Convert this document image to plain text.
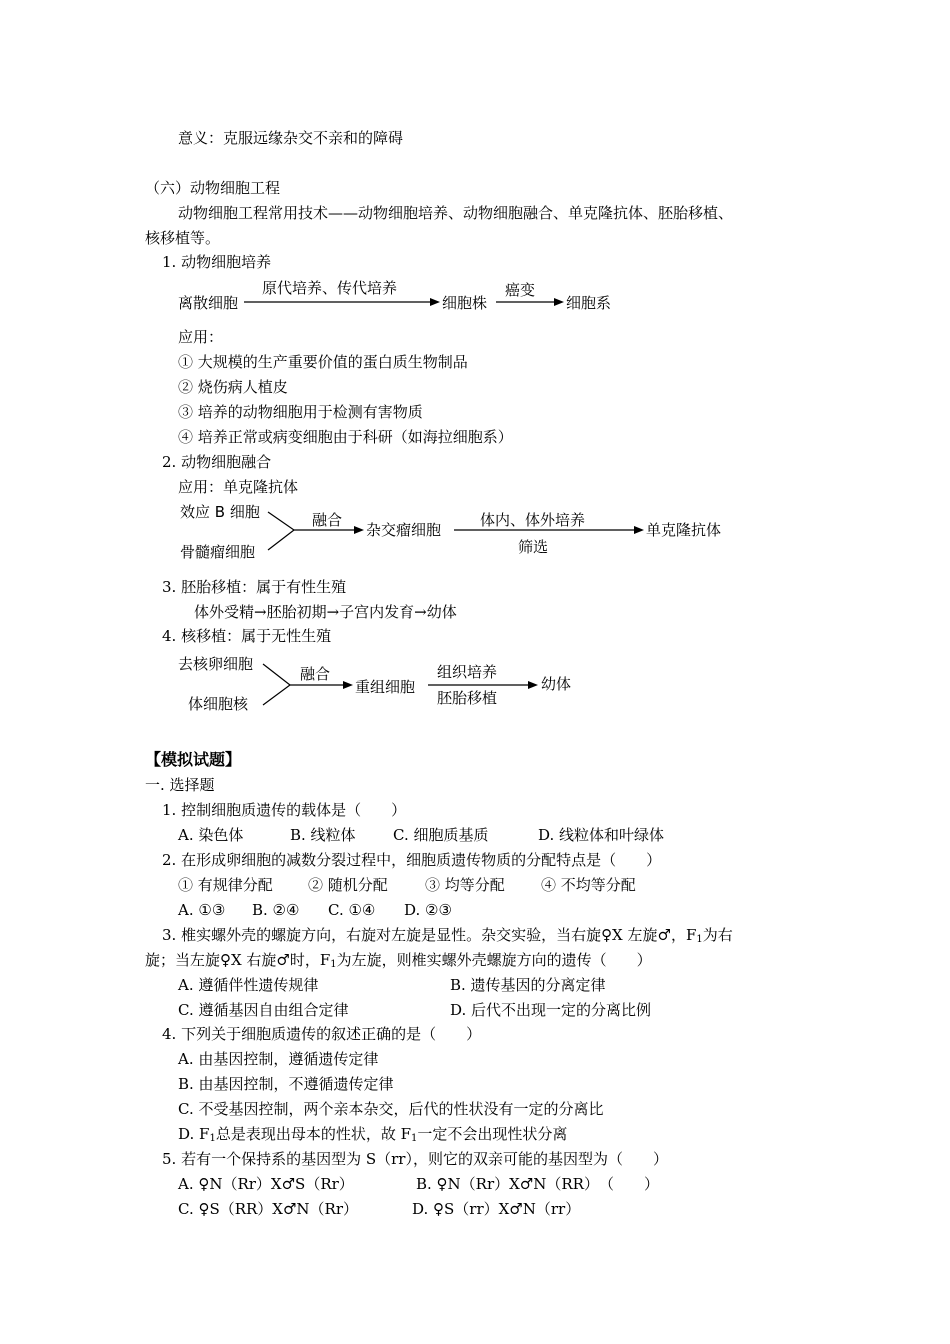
意义：克服远缘杂交不亲和的障碍
（六）动物细胞工程
动物细胞工程常用技术——动物细胞培养、动物细胞融合、单克隆抗体、胚胎移植、
核移植等。
1. 动物细胞培养
离散细胞
原代培养、传代培养
细胞株
癌变
细胞系
应用：
① 大规模的生产重要价值的蛋白质生物制品
② 烧伤病人植皮
③ 培养的动物细胞用于检测有害物质
④ 培养正常或病变细胞由于科研（如海拉细胞系）
2. 动物细胞融合
应用：单克隆抗体
效应 B 细胞
骨髓瘤细胞
融合
杂交瘤细胞
体内、体外培养
筛选
单克隆抗体
3. 胚胎移植：属于有性生殖
体外受精→胚胎初期→子宫内发育→幼体
4. 核移植：属于无性生殖
去核卵细胞
体细胞核
融合
重组细胞
组织培养
胚胎移植
幼体
【模拟试题】
一. 选择题
1. 控制细胞质遗传的载体是（　　）
A. 染色体	B. 线粒体 C. 细胞质基质	D. 线粒体和叶绿体
2. 在形成卵细胞的减数分裂过程中，细胞质遗传物质的分配特点是（　　）
① 有规律分配 ② 随机分配 ③ 均等分配 ④ 不均等分配
A. ①③ B. ②④ C. ①④ D. ②③
3. 椎实螺外壳的螺旋方向，右旋对左旋是显性。杂交实验，当右旋♀X 左旋♂，$F_1$为右
旋；当左旋♀X 右旋♂时，$F_1$为左旋，则椎实螺外壳螺旋方向的遗传（　　）
A. 遵循伴性遗传规律	B. 遗传基因的分离定律
C. 遵循基因自由组合定律	D. 后代不出现一定的分离比例
4. 下列关于细胞质遗传的叙述正确的是（　　）
A. 由基因控制，遵循遗传定律
B. 由基因控制，不遵循遗传定律
C. 不受基因控制，两个亲本杂交，后代的性状没有一定的分离比
D. $F_1$总是表现出母本的性状，故 $F_1$一定不会出现性状分离
5. 若有一个保持系的基因型为 S（rr），则它的双亲可能的基因型为（　　）
A. ♀N（Rr）X♂S（Rr）	B. ♀N（Rr）X♂N（RR）　（　　）
C. ♀S（RR）X♂N（Rr）	D. ♀S（rr）X♂N（rr）
